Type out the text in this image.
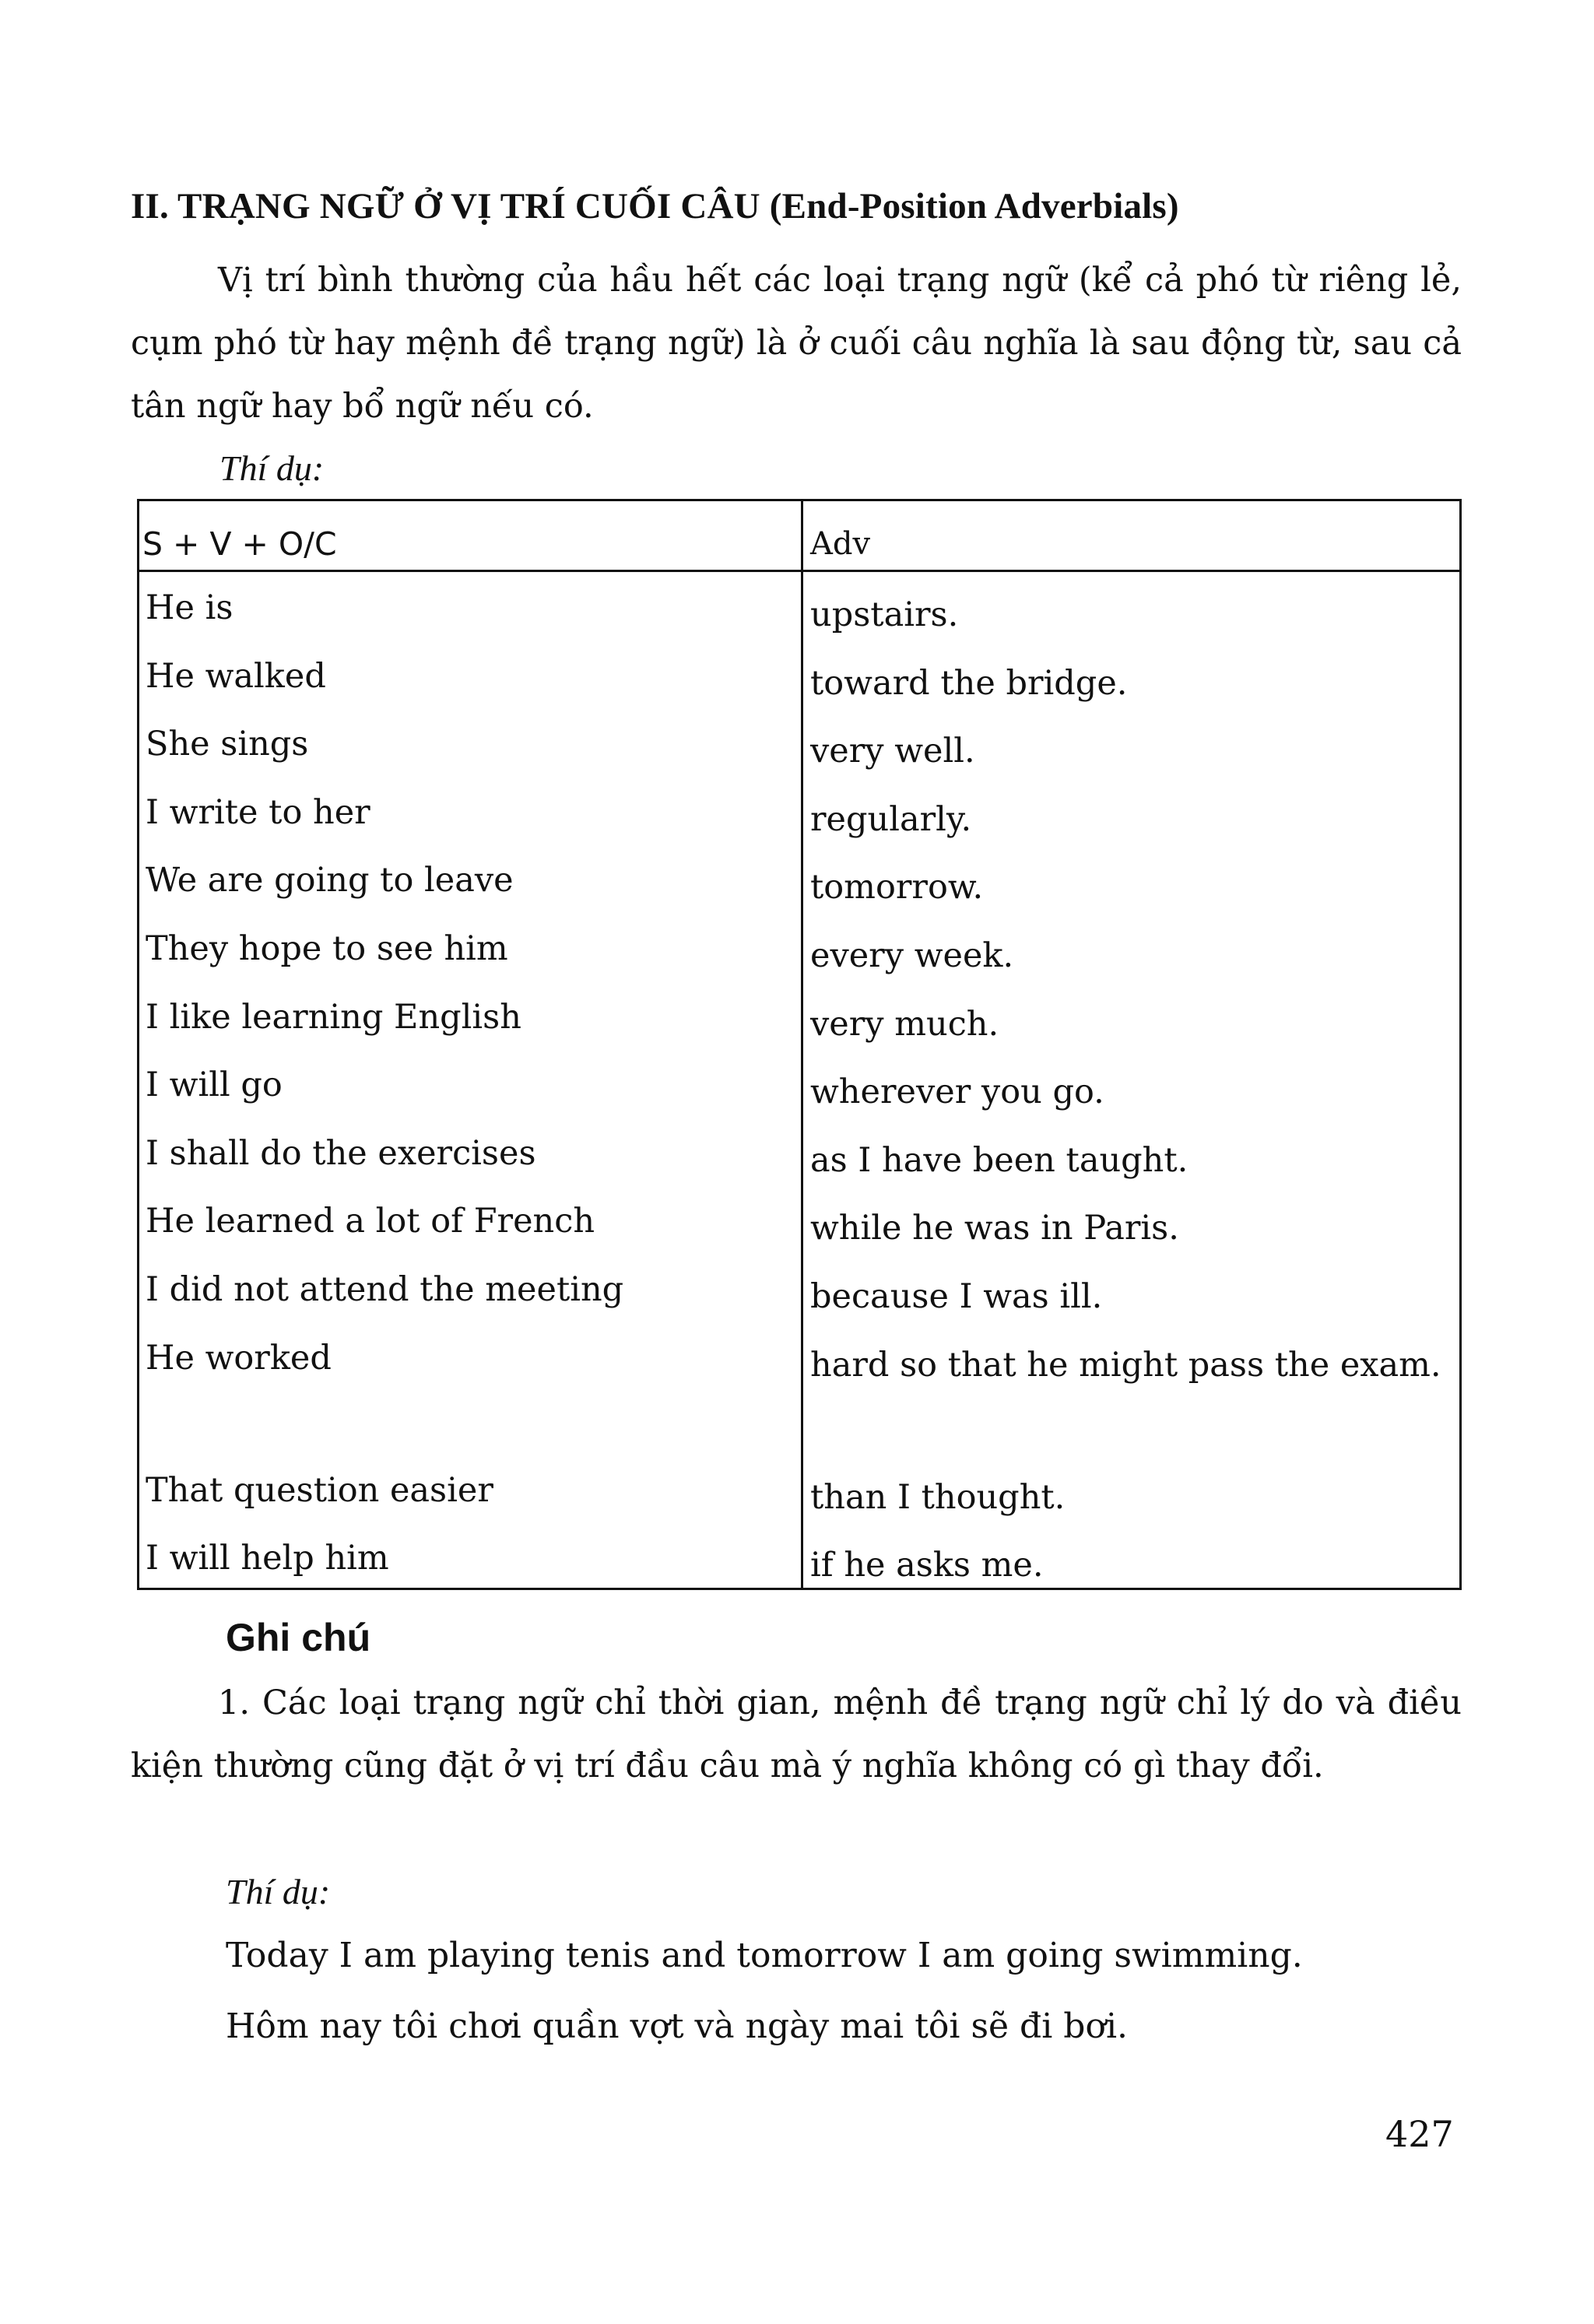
II. TRẠNG NGỮ Ở VỊ TRÍ CUỐI CÂU (End-Position Adverbials)

Vị trí bình thường của hầu hết các loại trạng ngữ (kể cả phó từ riêng lẻ, cụm phó từ hay mệnh đề trạng ngữ) là ở cuối câu nghĩa là sau động từ, sau cả tân ngữ hay bổ ngữ nếu có.

Thí dụ:
S + V + O/C	Adv
He is	upstairs.
He walked	toward the bridge.
She sings	very well.
I write to her	regularly.
We are going to leave	tomorrow.
They hope to see him	every week.
I like learning English	very much.
I will go	wherever you go.
I shall do the exercises	as I have been taught.
He learned a lot of French	while he was in Paris.
I did not attend the meeting	because I was ill.
He worked	hard so that he might pass the exam.
That question easier	than I thought.
I will help him	if he asks me.
Ghi chú

1. Các loại trạng ngữ chỉ thời gian, mệnh đề trạng ngữ chỉ lý do và điều kiện thường cũng đặt ở vị trí đầu câu mà ý nghĩa không có gì thay đổi.

Thí dụ:
Today I am playing tenis and tomorrow I am going swimming.
Hôm nay tôi chơi quần vợt và ngày mai tôi sẽ đi bơi.
427
